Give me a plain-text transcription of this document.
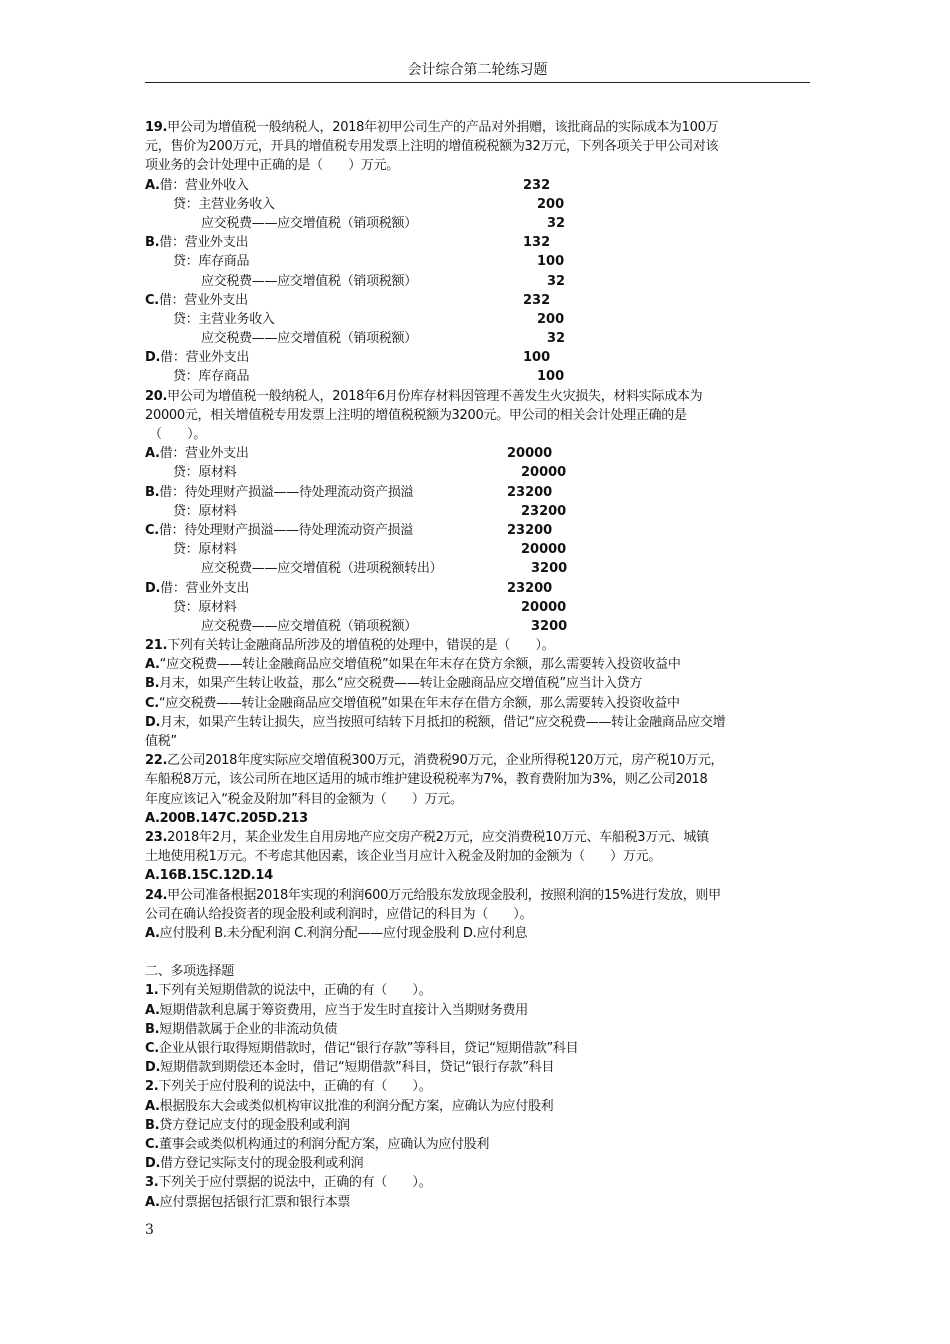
会计综合第二轮练习题
19.甲公司为增值税一般纳税人，2018年初甲公司生产的产品对外捐赠，该批商品的实际成本为100万
元，售价为200万元，开具的增值税专用发票上注明的增值税税额为32万元，下列各项关于甲公司对该
项业务的会计处理中正确的是（　　）万元。
A.借：营业外收入	232
贷：主营业务收入	200
应交税费——应交增值税（销项税额）	32
B.借：营业外支出	132
贷：库存商品	100
应交税费——应交增值税（销项税额）	32
C.借：营业外支出	232
贷：主营业务收入	200
应交税费——应交增值税（销项税额）	32
D.借：营业外支出	100
贷：库存商品	100
20.甲公司为增值税一般纳税人，2018年6月份库存材料因管理不善发生火灾损失，材料实际成本为
20000元，相关增值税专用发票上注明的增值税税额为3200元。甲公司的相关会计处理正确的是
（　　）。
A.借：营业外支出	20000
贷：原材料	20000
B.借：待处理财产损溢——待处理流动资产损溢	23200
贷：原材料	23200
C.借：待处理财产损溢——待处理流动资产损溢	23200
贷：原材料	20000
应交税费——应交增值税（进项税额转出）	3200
D.借：营业外支出	23200
贷：原材料	20000
应交税费——应交增值税（销项税额）	3200
21.下列有关转让金融商品所涉及的增值税的处理中，错误的是（　　）。
A.“应交税费——转让金融商品应交增值税”如果在年末存在贷方余额，那么需要转入投资收益中
B.月末，如果产生转让收益，那么“应交税费——转让金融商品应交增值税”应当计入贷方
C.“应交税费——转让金融商品应交增值税”如果在年末存在借方余额，那么需要转入投资收益中
D.月末，如果产生转让损失，应当按照可结转下月抵扣的税额，借记“应交税费——转让金融商品应交增
值税”
22.乙公司2018年度实际应交增值税300万元，消费税90万元，企业所得税120万元，房产税10万元，
车船税8万元，该公司所在地区适用的城市维护建设税税率为7%，教育费附加为3%，则乙公司2018
年度应该记入“税金及附加”科目的金额为（　　）万元。
A.200B.147C.205D.213
23.2018年2月，某企业发生自用房地产应交房产税2万元，应交消费税10万元、车船税3万元、城镇
土地使用税1万元。不考虑其他因素，该企业当月应计入税金及附加的金额为（　　）万元。
A.16B.15C.12D.14
24.甲公司准备根据2018年实现的利润600万元给股东发放现金股利，按照利润的15%进行发放，则甲
公司在确认给投资者的现金股利或利润时，应借记的科目为（　　）。
A.应付股利 B.未分配利润 C.利润分配——应付现金股利 D.应付利息
二、多项选择题
1.下列有关短期借款的说法中，正确的有（　　）。
A.短期借款利息属于筹资费用，应当于发生时直接计入当期财务费用
B.短期借款属于企业的非流动负债
C.企业从银行取得短期借款时，借记“银行存款”等科目，贷记“短期借款”科目
D.短期借款到期偿还本金时，借记“短期借款”科目，贷记“银行存款”科目
2.下列关于应付股利的说法中，正确的有（　　）。
A.根据股东大会或类似机构审议批准的利润分配方案，应确认为应付股利
B.贷方登记应支付的现金股利或利润
C.董事会或类似机构通过的利润分配方案，应确认为应付股利
D.借方登记实际支付的现金股利或利润
3.下列关于应付票据的说法中，正确的有（　　）。
A.应付票据包括银行汇票和银行本票
3
